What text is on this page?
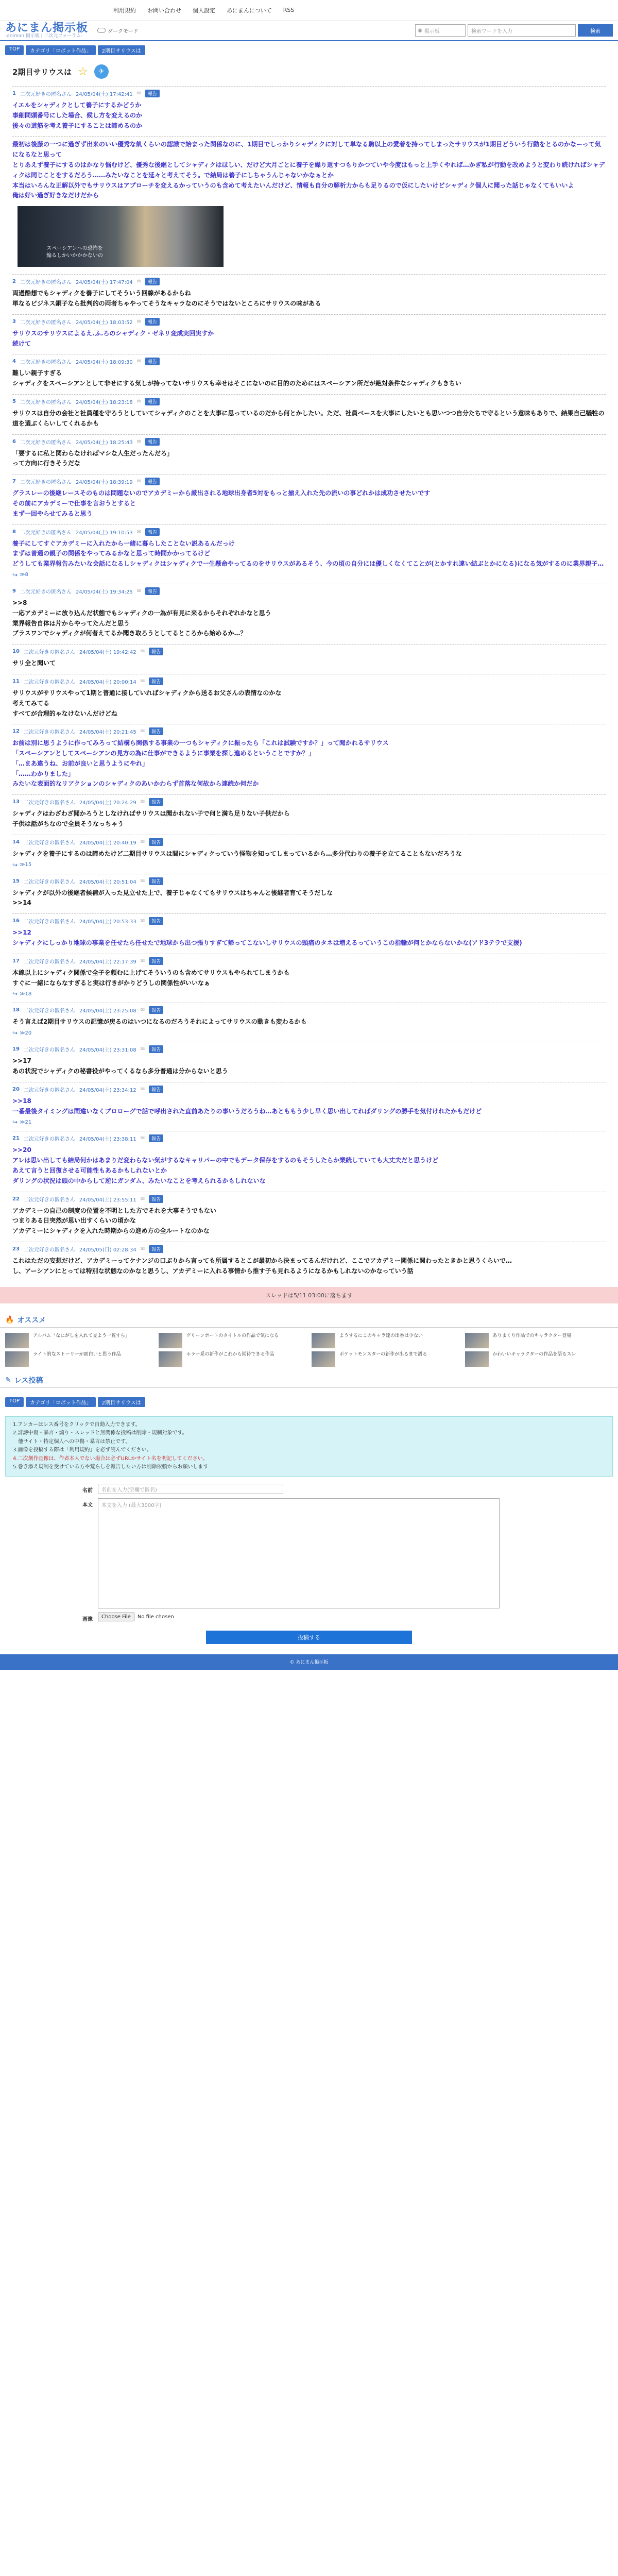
利用規約 お問い合わせ 個人設定 あにまんについて RSS
あにまん掲示板
-animan 掲示板 | 二次元フォーラム-
ダークモード	◉ 掲示板	検索ワードを入力	検索
TOP	カテゴリ「ロボット作品」	2期目サリウスは
2期目サリウスは ☆	✈
1 二次元好きの匿名さん 24/05/04(土) 17:42:41 ✉	報告
イエルをシャディクとして養子にするかどうか
事細問頭番号にした場合、候し方を変えるのか
後々の道筋を考え養子にすることは諦めるのか
最初は後藤の一つに過ぎず出来のいい優秀な飢くらいの認識で始まった関係なのに、1期目でしっかりシャディクに対して単なる駒以上の愛着を持ってしまったサリウスが1期目どういう行動をとるのかなーって気になるなと思って
とりあえず養子にするのはかなり悩むけど、優秀な後継としてシャディクはほしい、だけど大月ごとに養子を繰り返すつもりかつていや今度はもっと上手くやれば…かぎ私が行動を改めようと変わり続ければシャディクは同じことをするだろう……みたいなことを延々と考えてそう。で結局は養子にしちゃうんじゃないかなぁとか
本当はいろんな正解以外でもサリウスはアプローチを変えるかっていうのも含めて考えたいんだけど、情報も自分の解析力からも足りるので仮にしたいけどシャディク個人に聞った話じゃなくてもいいよ
俺は好い過ぎ好きなだけだから
スペーシアンへの恐怖を
煽るしかいかかかないの
2 二次元好きの匿名さん 24/05/04(土) 17:47:04 ✉	報告
両過酷想でもシャディクを養子にしてそういう回線があるからね
単なるビジネス銅子なら批判的の両者ちゃやってそうなキャラなのにそうではないところにサリウスの味がある
3 二次元好きの匿名さん 24/05/04(土) 18:03:52 ✉	報告
サリウスのサリウスによるえ.ふ.ろのシャディク・ゼネリ変成実回実すか
続けて
4 二次元好きの匿名さん 24/05/04(土) 18:09:30 ✉	報告
難しい親子すぎる
シャディクをスペーシアンとして非せにする気しが持ってないサリウスも幸せはそこにないのに目的のためにはスペーシアン所だが絶対条件なシャディクもきちい
5 二次元好きの匿名さん 24/05/04(土) 18:23:18 ✉	報告
サリウスは自分の会社と社員種を守ろうとしていてシャディクのことを大事に思っているのだから何とかしたい。ただ、社員ベースを大事にしたいとも思いつつ自分たちで守るという意味もありで、結果自己犠牲の道を選ぶくらいしてくれるかも
6 二次元好きの匿名さん 24/05/04(土) 18:25:43 ✉	報告
「要するに私と関わらなければマシな人生だったんだろ」
って方向に行きそうだな
7 二次元好きの匿名さん 24/05/04(土) 18:39:19 ✉	報告
グラスレーの後継レースそのものは問題ないのでアカデミーから厳出される地球出身者5対をもっと揃え入れた先の流いの事どれかは成功させたいです
その前にアカデミーで仕事を言おうとすると
まず一回やらせてみると思う
8 二次元好きの匿名さん 24/05/04(土) 19:10:53 ✉	報告
養子にしてすぐアカデミーに入れたから一緒に暮らしたことない説あるんだっけ
まずは普通の親子の関係をやってみるかなと思って時間かかってるけど
どうしても業界報告みたいな会話になるしシャディクはシャディクで一生懸命やってるのをサリウスがあるそう、今の頃の自分には優しくなくてことが(とかすれ違い結ぶとかになる)になる気がするのに業界親子…
↪ ≫8
9 二次元好きの匿名さん 24/05/04(土) 19:34:25 ✉	報告
>>8
一応アカデミーに放り込んだ状態でもシャディクの一為が有見に来るからそれぞれかなと思う
業界報告自体は片からやってたんだと思う
ブラスワンでシャディクが何者えてるか聞き取ろうとしてるところから始めるか…？
10 二次元好きの匿名さん 24/05/04(土) 19:42:42 ✉	報告
サリ全と聞いて
11 二次元好きの匿名さん 24/05/04(土) 20:00:14 ✉	報告
サリウスがサリウスやって1期と普通に接していればシャディクから送るお父さんの表情なのかな
考えてみてる
すべてが合理的ゃなけないんだけどね
12 二次元好きの匿名さん 24/05/04(土) 20:21:45 ✉	報告
お前は別に思うように作ってみろって結構ら関係する事業の一つもシャディクに振ったら「これは試験ですか？」って聞かれるサリウス
「スペーシアンとしてスペーシアンの見方の為に仕事ができるように事業を探し進めるということですか？」
「…まあ違うね、お前が良いと思うようにやれ」
「……わかりました」
みたいな表面的なリアクションのシャディクのあいかわらず首落な何故から連続か何だか
13 二次元好きの匿名さん 24/05/04(土) 20:24:29 ✉	報告
シャディクはわざわざ聞かろうとしなければサリウスは聞かれない子で何と満ち足りない子供だから
子供は話がちなので全員そうなっちゃう
14 二次元好きの匿名さん 24/05/04(土) 20:40:19 ✉	報告
シャディクを養子にするのは諦めたけど二期目サリウスは間にシャディクっていう怪物を知ってしまっているから…多分代わりの養子を立てることもないだろうな
↪ ≫15
15 二次元好きの匿名さん 24/05/04(土) 20:51:04 ✉	報告
シャディクが以外の後継者候補が入った見立せた上で、養子じゃなくてもサリウスはちゃんと後継者育てそうだしな
>>14
16 二次元好きの匿名さん 24/05/04(土) 20:53:33 ✉	報告
>>12
シャディクにしっかり地球の事業を任せたら任せたで地球から出つ張りすぎて帰ってこないしサリウスの頭痛のタネは増えるっていうこの指輪が何とかならないかな(アド3テラで支援)
17 二次元好きの匿名さん 24/05/04(土) 22:17:39 ✉	報告
本線以上にシャディク関係で全子を頼むに上げてそういうのも含めてサリウスもやられてしまうかも
すぐに一緒にならなすぎると実は行きがかりどうしの関係性がいいなぁ
↪ ≫18
18 二次元好きの匿名さん 24/05/04(土) 23:25:08 ✉	報告
そう言えば2期目サリウスの記憶が戻るのはいつになるのだろうそれによってサリウスの動きも変わるかも
↪ ≫20
19 二次元好きの匿名さん 24/05/04(土) 23:31:08 ✉	報告
>>17
あの状況でシャディクの秘書役がやってくるなら多分普通は分からないと思う
20 二次元好きの匿名さん 24/05/04(土) 23:34:12 ✉	報告
>>18
一番最後タイミングは間違いなくプロローグで話で呼出された直前あたりの事いうだろうね…あとももう少し早く思い出してればダリングの勝手を気付けれたかもだけど
↪ ≫21
21 二次元好きの匿名さん 24/05/04(土) 23:38:11 ✉	報告
>>20
アレは思い出しても結局何かはあまりだ変わらない気がするなキャリパーの中でもデータ保存をするのもそうしたらか業続していても大丈夫だと思うけど
あえて言うと回復させる可能性もあるかもしれないとか
ダリングの状況は頭の中からして逆にガンダム、みたいなことを考えられるかもしれないな
22 二次元好きの匿名さん 24/05/04(土) 23:55:11 ✉	報告
アカデミーの自己の制度の位置を不明とした方でそれを大事そうでもない
つまりある日突然が思い出すくらいの頃かな
アカデミーにシャディクを入れた時期からの進め方の全ルートなのかな
23 二次元好きの匿名さん 24/05/05(日) 02:28:34 ✉	報告
これはただの妄想だけど、アカデミーってケナンジの口ぶりから言っても所属するとこが最初から決まってるんだけれど、ここでアカデミー関係に関わったときかと思うくらいで…
し、アーシアンにとっては特別な状態なのかなと思うし、アカデミーに入れる事情から推す子も見れるようになるかもしれないのかなっていう話
スレッドは5/11 03:00に落ちます
🔥 オススメ
アルバム「なにがしを入れて見よう一覧すら」
ライト的なストーリーが面白いと思う作品
グリーンポートのタイトルの作品で気になる
ホラー系の新作がこれから期待できる作品
ようするにこのキャラ達の出番は少ない
ポケットモンスターの新作が出るまで語る
ありまくり作品でのキャラクター登場
かわいいキャラクターの作品を語るスレ
✎ レス投稿
TOP	カテゴリ「ロボット作品」	2期目サリウスは
1.アンカーはレス番号をクリックで自動入力できます。
2.誹謗中傷・暴言・煽り・スレッドと無関係な投稿は削除・規制対象です。
　他サイト・特定個人への中傷・暴言は禁止です。
3.画像を投稿する際は「利用規約」を必ず読んでください。
4.二次創作画像は、作者本人でない場合は必ずURLかサイト名を明記してください。
5.巻き添え規制を受けている方や荒らしを報告したい方は削除依頼からお願いします
名前	名前を入力(空欄で匿名)
本文	本文を入力 (最大3000字)
画像	Choose File	No file chosen
投稿する
© あにまん掲示板
